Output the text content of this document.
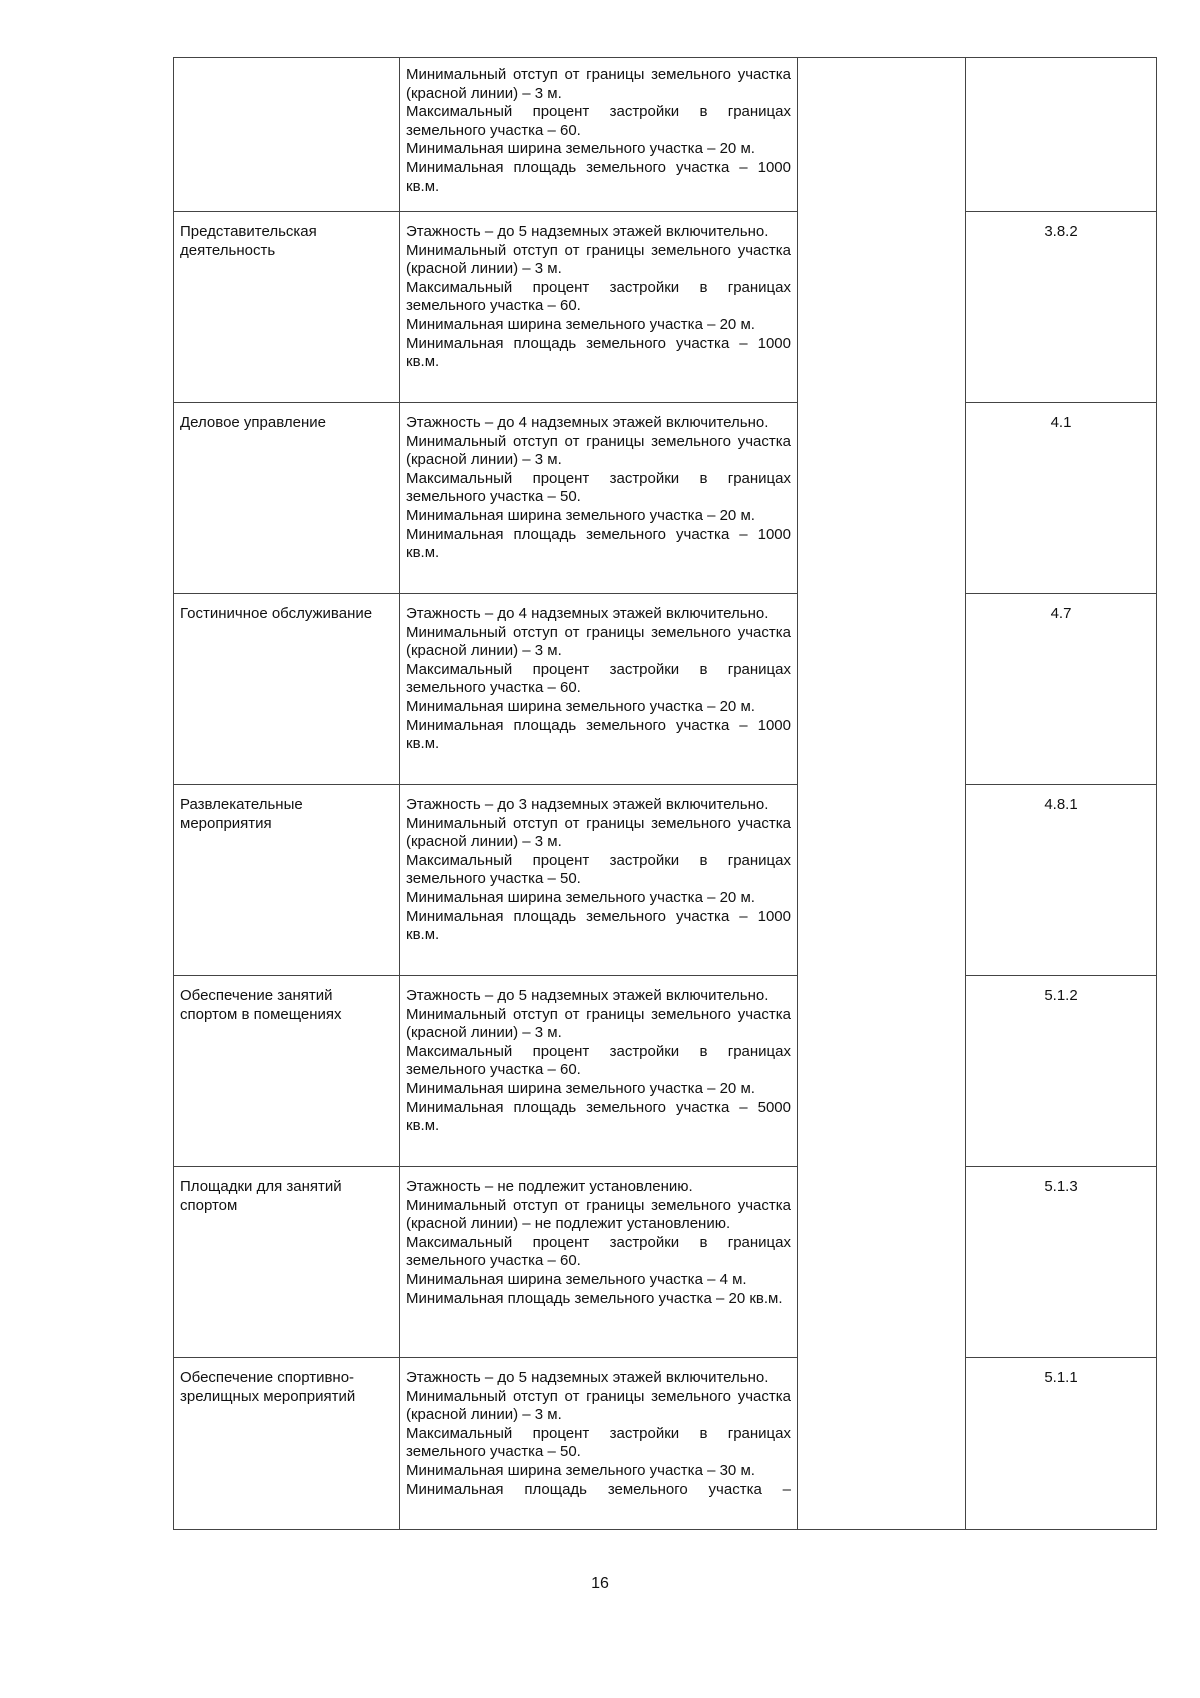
	Минимальный отступ от границы земельного участка (красной линии) – 3 м.
Максимальный процент застройки в границах земельного участка – 60.
Минимальная ширина земельного участка – 20 м.
Минимальная площадь земельного участка – 1000 кв.м.		

Представительская деятельность	Этажность – до 5 надземных этажей включительно.
Минимальный отступ от границы земельного участка (красной линии) – 3 м.
Максимальный процент застройки в границах земельного участка – 60.
Минимальная ширина земельного участка – 20 м.
Минимальная площадь земельного участка – 1000 кв.м.		3.8.2
Деловое управление	Этажность – до 4 надземных этажей включительно.
Минимальный отступ от границы земельного участка (красной линии) – 3 м.
Максимальный процент застройки в границах земельного участка – 50.
Минимальная ширина земельного участка – 20 м.
Минимальная площадь земельного участка – 1000 кв.м.		4.1
Гостиничное обслуживание	Этажность – до 4 надземных этажей включительно.
Минимальный отступ от границы земельного участка (красной линии) – 3 м.
Максимальный процент застройки в границах земельного участка – 60.
Минимальная ширина земельного участка – 20 м.
Минимальная площадь земельного участка – 1000 кв.м.		4.7
Развлекательные мероприятия	Этажность – до 3 надземных этажей включительно.
Минимальный отступ от границы земельного участка (красной линии) – 3 м.
Максимальный процент застройки в границах земельного участка – 50.
Минимальная ширина земельного участка – 20 м.
Минимальная площадь земельного участка – 1000 кв.м.		4.8.1
Обеспечение занятий спортом в помещениях	Этажность – до 5 надземных этажей включительно.
Минимальный отступ от границы земельного участка (красной линии) – 3 м.
Максимальный процент застройки в границах земельного участка – 60.
Минимальная ширина земельного участка – 20 м.
Минимальная площадь земельного участка – 5000 кв.м.		5.1.2
Площадки для занятий спортом	Этажность – не подлежит установлению.
Минимальный отступ от границы земельного участка (красной линии) – не подлежит установлению.
Максимальный процент застройки в границах земельного участка – 60.
Минимальная ширина земельного участка – 4 м.
Минимальная площадь земельного участка – 20 кв.м.		5.1.3
Обеспечение спортивно-зрелищных мероприятий	Этажность – до 5 надземных этажей включительно.
Минимальный отступ от границы земельного участка (красной линии) – 3 м.
Максимальный процент застройки в границах земельного участка – 50.
Минимальная ширина земельного участка – 30 м.
Минимальная площадь земельного участка –		5.1.1
16
